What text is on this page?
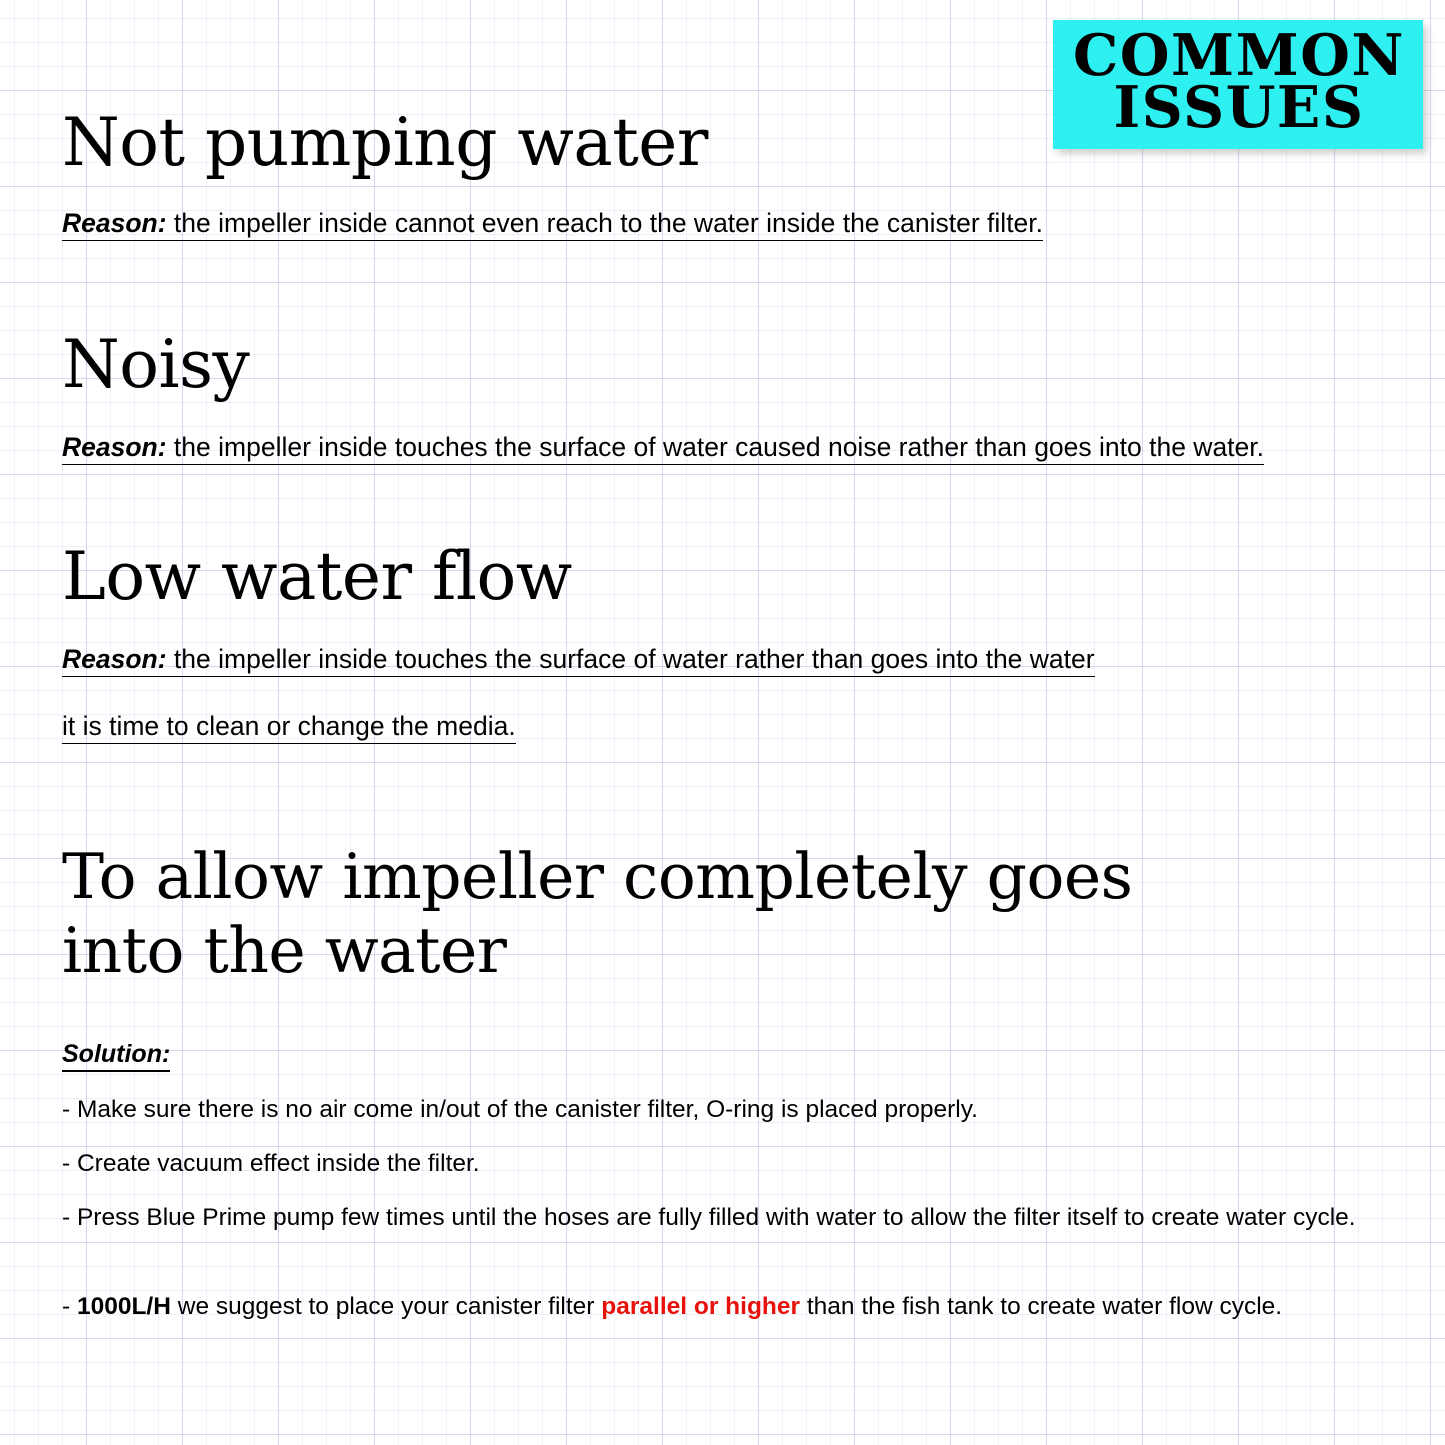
COMMON
ISSUES
Not pumping water
Reason: the impeller inside cannot even reach to the water inside the canister filter.
Noisy
Reason: the impeller inside touches the surface of water caused noise rather than goes into the water.
Low water flow
Reason: the impeller inside touches the surface of water rather than goes into the water
it is time to clean or change the media.
To allow impeller completely goes into the water
Solution:
- Make sure there is no air come in/out of the canister filter, O-ring is placed properly.
- Create vacuum effect inside the filter.
- Press Blue Prime pump few times until the hoses are fully filled with water to allow the filter itself to create water cycle.
- 1000L/H we suggest to place your canister filter parallel or higher than the fish tank to create water flow cycle.
